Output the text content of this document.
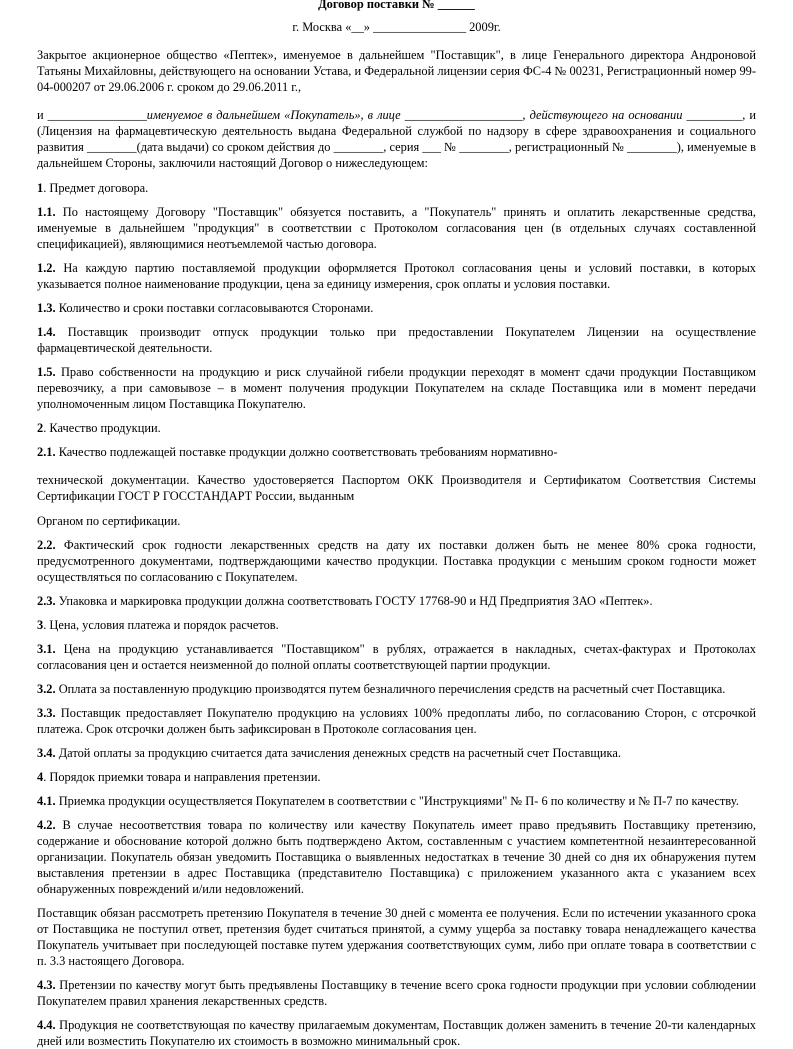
Договор поставки № ______
г. Москва «__» _______________ 2009г.

Закрытое акционерное общество «Пептек», именуемое в дальнейшем "Поставщик", в лице Генерального директора Андроновой Татьяны Михайловны, действующего на основании Устава, и Федеральной лицензии серия ФС-4 № 00231, Регистрационный номер 99-04-000207 от 29.06.2006 г. сроком до 29.06.2011 г.,

и ________________именуемое в дальнейшем «Покупатель», в лице ___________________, действующего на основании _________, и (Лицензия на фармацевтическую деятельность выдана Федеральной службой по надзору в сфере здравоохранения и социального развития ________(дата выдачи) со сроком действия до ________, серия ___ № ________, регистрационный № ________), именуемые в дальнейшем Стороны, заключили настоящий Договор о нижеследующем:

1. Предмет договора.

1.1. По настоящему Договору "Поставщик" обязуется поставить, а "Покупатель" принять и оплатить лекарственные средства, именуемые в дальнейшем "продукция" в соответствии с Протоколом согласования цен (в отдельных случаях составленной спецификацией), являющимися неотъемлемой частью договора.

1.2. На каждую партию поставляемой продукции оформляется Протокол согласования цены и условий поставки, в которых указывается полное наименование продукции, цена за единицу измерения, срок оплаты и условия поставки.

1.3. Количество и сроки поставки согласовываются Сторонами.

1.4. Поставщик производит отпуск продукции только при предоставлении Покупателем Лицензии на осуществление фармацевтической деятельности.

1.5. Право собственности на продукцию и риск случайной гибели продукции переходят в момент сдачи продукции Поставщиком перевозчику, а при самовывозе – в момент получения продукции Покупателем на складе Поставщика или в момент передачи уполномоченным лицом Поставщика Покупателю.

2. Качество продукции.

2.1. Качество подлежащей поставке продукции должно соответствовать требованиям нормативно-

технической документации. Качество удостоверяется Паспортом ОКК Производителя и Сертификатом Соответствия Системы Сертификации ГОСТ Р ГОССТАНДАРТ России, выданным

Органом по сертификации.

2.2. Фактический срок годности лекарственных средств на дату их поставки должен быть не менее 80% срока годности, предусмотренного документами, подтверждающими качество продукции. Поставка продукции с меньшим сроком годности может осуществляться по согласованию с Покупателем.

2.3. Упаковка и маркировка продукции должна соответствовать ГОСТУ 17768-90 и НД Предприятия ЗАО «Пептек».

3. Цена, условия платежа и порядок расчетов.

3.1. Цена на продукцию устанавливается "Поставщиком" в рублях, отражается в накладных, счетах-фактурах и Протоколах согласования цен и остается неизменной до полной оплаты соответствующей партии продукции.

3.2. Оплата за поставленную продукцию производятся путем безналичного перечисления средств на расчетный счет Поставщика.

3.3. Поставщик предоставляет Покупателю продукцию на условиях 100% предоплаты либо, по согласованию Сторон, с отсрочкой платежа. Срок отсрочки должен быть зафиксирован в Протоколе согласования цен.

3.4. Датой оплаты за продукцию считается дата зачисления денежных средств на расчетный счет Поставщика.

4. Порядок приемки товара и направления претензии.

4.1. Приемка продукции осуществляется Покупателем в соответствии с "Инструкциями" № П- 6 по количеству и № П-7 по качеству.

4.2. В случае несоответствия товара по количеству или качеству Покупатель имеет право предъявить Поставщику претензию, содержание и обоснование которой должно быть подтверждено Актом, составленным с участием компетентной незаинтересованной организации. Покупатель обязан уведомить Поставщика о выявленных недостатках в течение 30 дней со дня их обнаружения путем выставления претензии в адрес Поставщика (представителю Поставщика) с приложением указанного акта с указанием всех обнаруженных повреждений и/или недовложений.

Поставщик обязан рассмотреть претензию Покупателя в течение 30 дней с момента ее получения. Если по истечении указанного срока от Поставщика не поступил ответ, претензия будет считаться принятой, а сумму ущерба за поставку товара ненадлежащего качества Покупатель учитывает при последующей поставке путем удержания соответствующих сумм, либо при оплате товара в соответствии с п. 3.3 настоящего Договора.

4.3. Претензии по качеству могут быть предъявлены Поставщику в течение всего срока годности продукции при условии соблюдении Покупателем правил хранения лекарственных средств.

4.4. Продукция не соответствующая по качеству прилагаемым документам, Поставщик должен заменить в течение 20-ти календарных дней или возместить Покупателю их стоимость в возможно минимальный срок.
